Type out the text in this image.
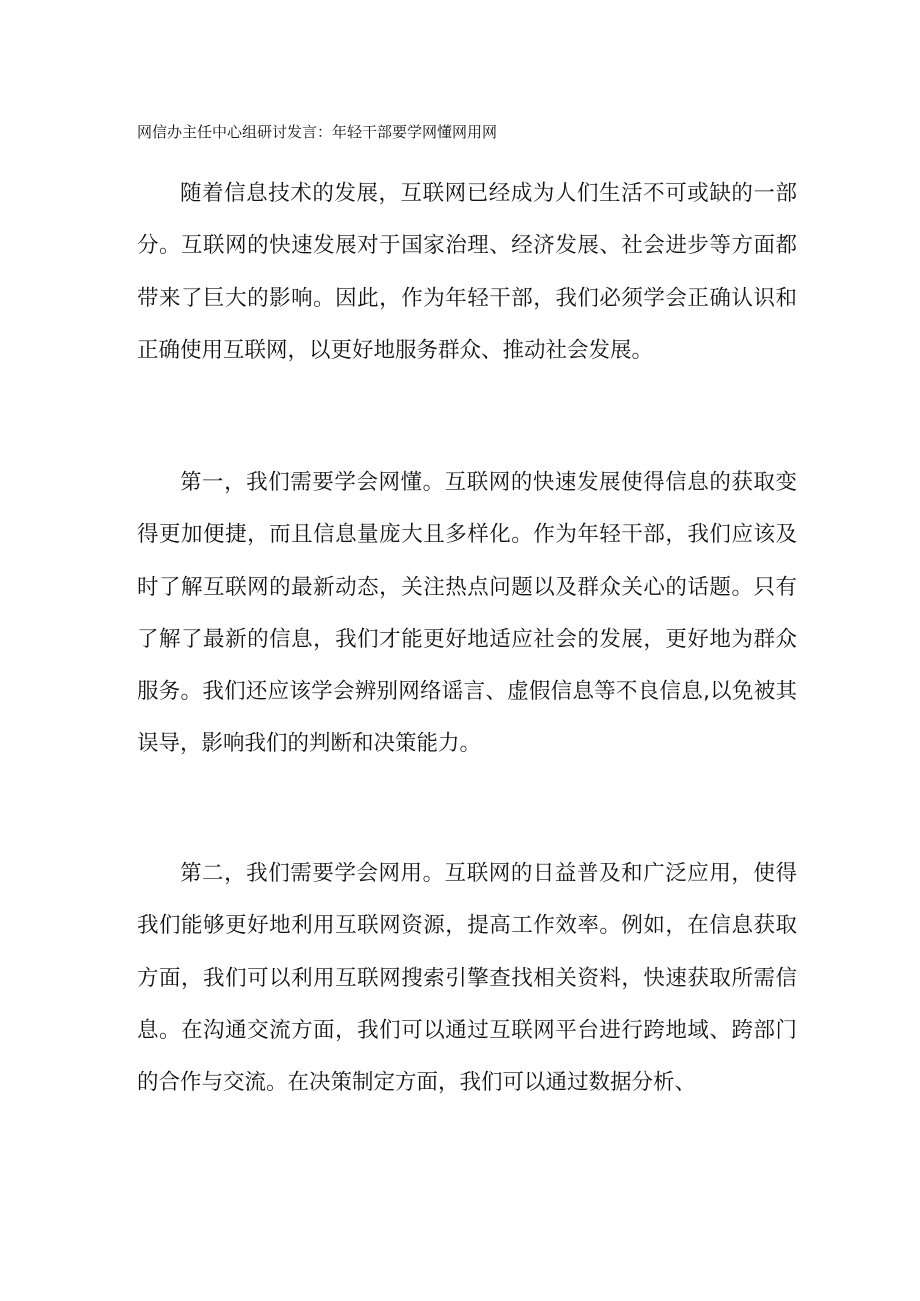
网信办主任中心组研讨发言：年轻干部要学网懂网用网

随着信息技术的发展，互联网已经成为人们生活不可或缺的一部分。互联网的快速发展对于国家治理、经济发展、社会进步等方面都带来了巨大的影响。因此，作为年轻干部，我们必须学会正确认识和正确使用互联网，以更好地服务群众、推动社会发展。

第一，我们需要学会网懂。互联网的快速发展使得信息的获取变得更加便捷，而且信息量庞大且多样化。作为年轻干部，我们应该及时了解互联网的最新动态，关注热点问题以及群众关心的话题。只有了解了最新的信息，我们才能更好地适应社会的发展，更好地为群众服务。我们还应该学会辨别网络谣言、虚假信息等不良信息,以免被其误导，影响我们的判断和决策能力。

第二，我们需要学会网用。互联网的日益普及和广泛应用，使得我们能够更好地利用互联网资源，提高工作效率。例如，在信息获取方面，我们可以利用互联网搜索引擎查找相关资料，快速获取所需信息。在沟通交流方面，我们可以通过互联网平台进行跨地域、跨部门的合作与交流。在决策制定方面，我们可以通过数据分析、
